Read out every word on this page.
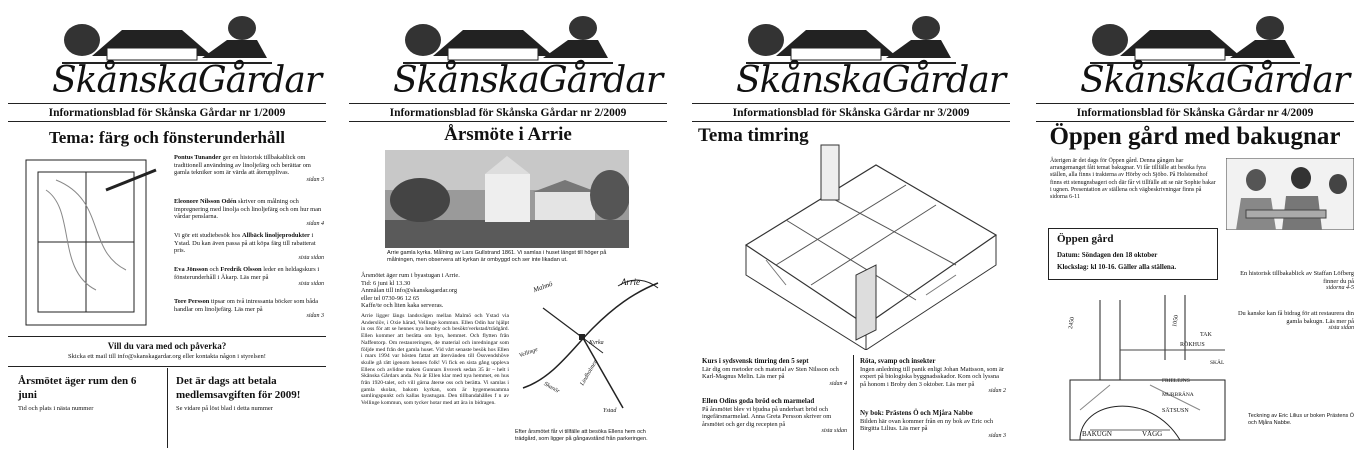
SkånskaGårdar
Informationsblad för Skånska Gårdar nr 1/2009
Tema: färg och fönsterunderhåll
Pontus Tunander ger en historisk tillbakablick om traditionell användning av linoljefärg och berättar om gamla tekniker som är värda att återupplivas.
sidan 3
Eleonore Nilsson Odén skriver om målning och impregnering med linolja och linoljefärg och om hur man vårdar penslarna.
sidan 4
Vi gör ett studiebesök hos Allbäck linoljeprodukter i Ystad. Du kan även passa på att köpa färg till rabatterat pris.
sista sidan
Eva Jönsson och Fredrik Olsson leder en heldagskurs i fönsterunderhåll i Åkarp. Läs mer på
sista sidan
Tore Persson tipsar om två intressanta böcker som båda handlar om linoljefärg. Läs mer på
sidan 3
Vill du vara med och påverka?
Skicka ett mail till info@skanskagardar.org eller kontakta någon i styrelsen!
Årsmötet äger rum den 6 juni
Tid och plats i nästa nummer
Det är dags att betala medlemsavgiften för 2009!
Se vidare på löst blad i detta nummer
SkånskaGårdar
Informationsblad för Skånska Gårdar nr 2/2009
Årsmöte i Arrie
Arrie gamla kyrka. Målning av Lars Gullstrand 1861. Vi samlas i huset längst till höger på målningen, men observera att kyrkan är ombyggd och ser inte likadan ut.
Årsmötet äger rum i byastugan i Arrie.
Tid: 6 juni kl 13.30
Anmälan till info@skanskagardar.org
eller tel 0730-96 12 65
Kaffe/te och liten kaka serveras.
Arrie ligger längs landsvägen mellan Malmö och Ystad via Anderslöv, i Oxie härad, Vellinge kommun. Ellen Odin har hjälpt in oss för att se hennes nya hemby och besökt/verkstad/trädgård. Ellen kommer att berätta om byn, hemmet. Och flytten från Naffentorp. Om restaureringen, de material och inredningar som följde med från det gamla huset. Vid vårt senaste besök hos Ellen i mars 1994 var hösten fattat att återvänden till Össvendshöve skulle gå rätt igenom hennes folk! Vi fick en sista gång uppleva Ellens och avlidne maken Gunnars livsverk sedan 35 år – helt i Skånska Gårdars anda. Nu är Ellen klar med nya hemmet, en hus från 1920-talet, och vill gärna återse oss och berätta. Vi samlas i gamla skolan, bakom kyrkan, som är bygemensamma samlingspunkt och kallas byastugan. Den tillbandahålles f n av Vellinge kommun, som tycker hotar med att ära in bidragen.
Malmö	Arrie
Kyrka
Ystad
Lindholmen
Vellinge
Skanör
Efter årsmötet får vi tillfälle att besöka Ellens hem och trädgård, som ligger på gångavstånd från parkeringen.
SkånskaGårdar
Informationsblad för Skånska Gårdar nr 3/2009
Tema timring
Kurs i sydsvensk timring den 5 sept
Lär dig om metoder och material av Sten Nilsson och Karl-Magnus Melin. Läs mer på
sidan 4
Ellen Odins goda bröd och marmelad
På årsmötet blev vi bjudna på underbart bröd och ingefärsmarmelad. Anna Greta Persson skriver om årsmötet och ger dig recepten på
sista sidan
Röta, svamp och insekter
Ingen anledning till panik enligt Johan Mattsson, som är expert på biologiska byggnadsskador. Kom och lyssna på honom i Broby den 3 oktober. Läs mer på
sidan 2
Ny bok: Prästens Ö och Mjåra Nabbe
Bilden här ovan kommer från en ny bok av Eric och Birgitta Lilius. Läs mer på
sidan 3
SkånskaGårdar
Informationsblad för Skånska Gårdar nr 4/2009
Öppen gård med bakugnar
Återigen är det dags för Öppen gård. Denna gången har arrangemanget fått temat bakugnar. Vi får tillfälle att besöka fyra ställen, alla finns i trakterna av Hörby och Sjöbo. På Holstensthof finns ett stenugnsbageri och där får vi tillfälle att se när Sophie bakar i ugnen. Presentation av ställena och vägbeskrivningar finns på sidorna 6-11
Öppen gård
Datum: Söndagen den 18 oktober
Klockslag: kl 10-16. Gäller alla ställena.
En historisk tillbakablick av Staffan Löfberg finner du på
sidorna 4-5
Du kanske kan få bidrag för att restaurera din gamla bakugn. Läs mer på
sista sidan
2450	1050
TAK
RÖKHUS
BAKUGN	VÄGG
SÄTSUSN
FRIELEJNS
MURBRÄNA
SKÄL
Teckning av Eric Lilius ur boken Prästens Ö och Mjåra Nabbe.
